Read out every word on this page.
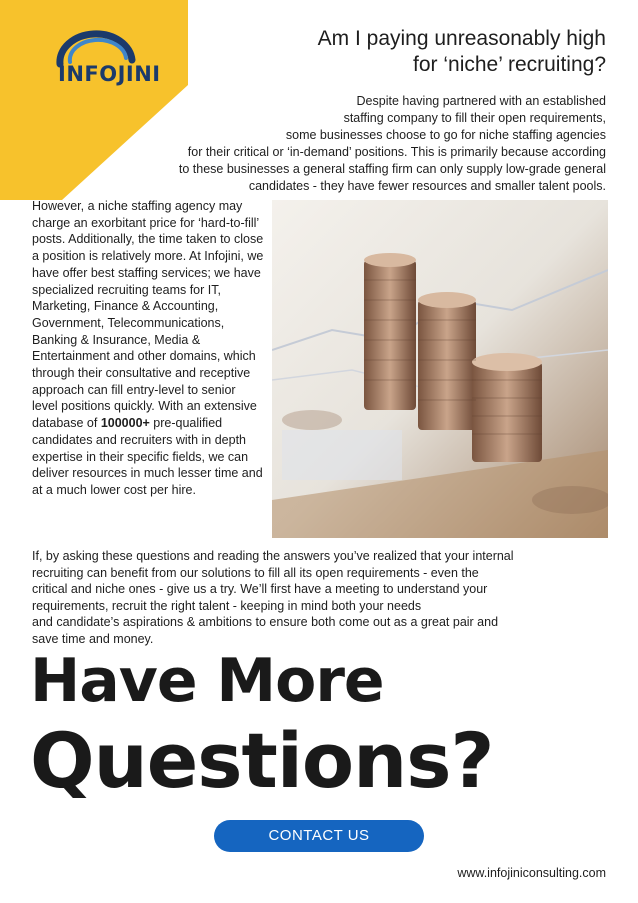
INFOJINI
Am I paying unreasonably high
for ‘niche’ recruiting?
Despite having partnered with an established
staffing company to fill their open requirements,
some businesses choose to go for niche staffing agencies
for their critical or ‘in-demand’ positions. This is primarily because according
to these businesses a general staffing firm can only supply low-grade general
candidates - they have fewer resources and smaller talent pools.
However, a niche staffing agency may charge an exorbitant price for ‘hard-to-fill’ posts. Additionally, the time taken to close a position is relatively more. At Infojini, we have offer best staffing services; we have specialized recruiting teams for IT, Marketing, Finance & Accounting, Government, Telecommunications, Banking & Insurance, Media & Entertainment and other domains, which through their consultative and receptive approach can fill entry-level to senior level positions quickly. With an extensive database of 100000+ pre-qualified candidates and recruiters with in depth expertise in their specific fields, we can deliver resources in much lesser time and at a much lower cost per hire.
If, by asking these questions and reading the answers you’ve realized that your internal
recruiting can benefit from our solutions to fill all its open requirements - even the
critical and niche ones - give us a try. We’ll first have a meeting to understand your
requirements, recruit the right talent - keeping in mind both your needs
and candidate’s aspirations & ambitions to ensure both come out as a great pair and
save time and money.
Have More
Questions?
CONTACT US
www.infojiniconsulting.com
